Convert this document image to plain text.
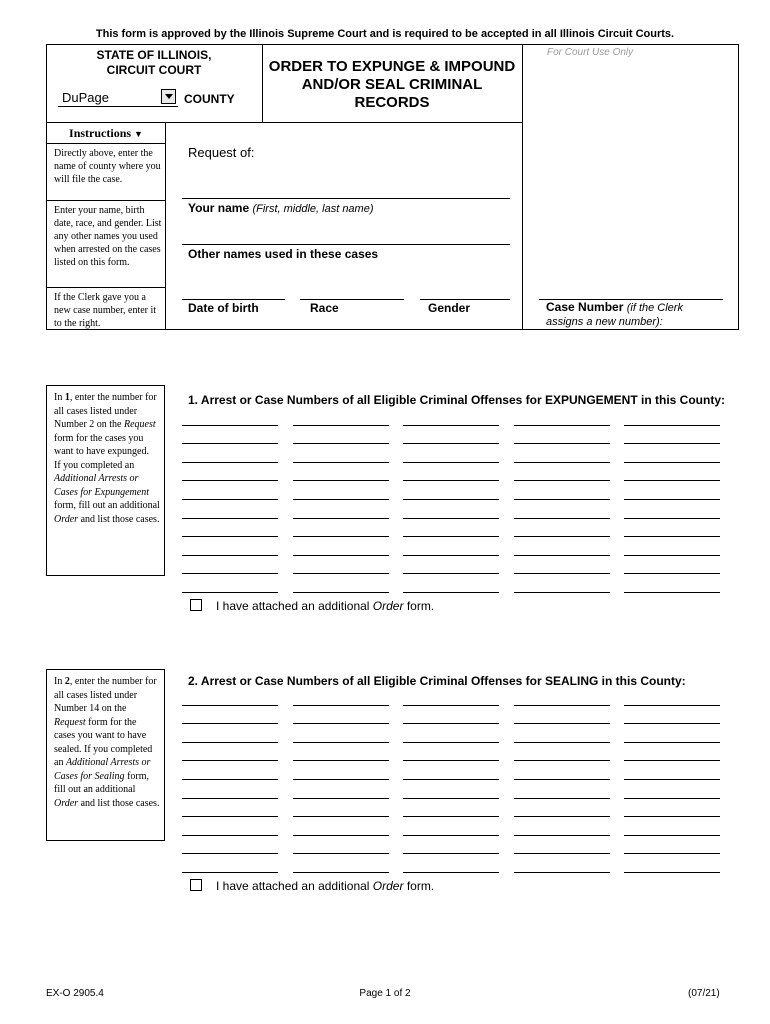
This form is approved by the Illinois Supreme Court and is required to be accepted in all Illinois Circuit Courts.
For Court Use Only
STATE OF ILLINOIS,
CIRCUIT COURT
DuPage	COUNTY
ORDER TO EXPUNGE & IMPOUND
AND/OR SEAL CRIMINAL
RECORDS
Instructions ▼
Directly above, enter the name of county where you will file the case.
Enter your name, birth date, race, and gender. List any other names you used when arrested on the cases listed on this form.
If the Clerk gave you a new case number, enter it to the right.
Request of:
Your name (First, middle, last name)
Other names used in these cases
Date of birth	Race	Gender	Case Number (if the Clerk
assigns a new number):
In 1, enter the number for all cases listed under Number 2 on the Request form for the cases you want to have expunged.
If you completed an Additional Arrests or Cases for Expungement form, fill out an additional Order and list those cases.
1. Arrest or Case Numbers of all Eligible Criminal Offenses for EXPUNGEMENT in this County:
I have attached an additional Order form.
In 2, enter the number for all cases listed under Number 14 on the Request form for the cases you want to have sealed. If you completed an Additional Arrests or Cases for Sealing form, fill out an additional Order and list those cases.
2. Arrest or Case Numbers of all Eligible Criminal Offenses for SEALING in this County:
I have attached an additional Order form.
EX-O 2905.4	Page 1 of 2	(07/21)
